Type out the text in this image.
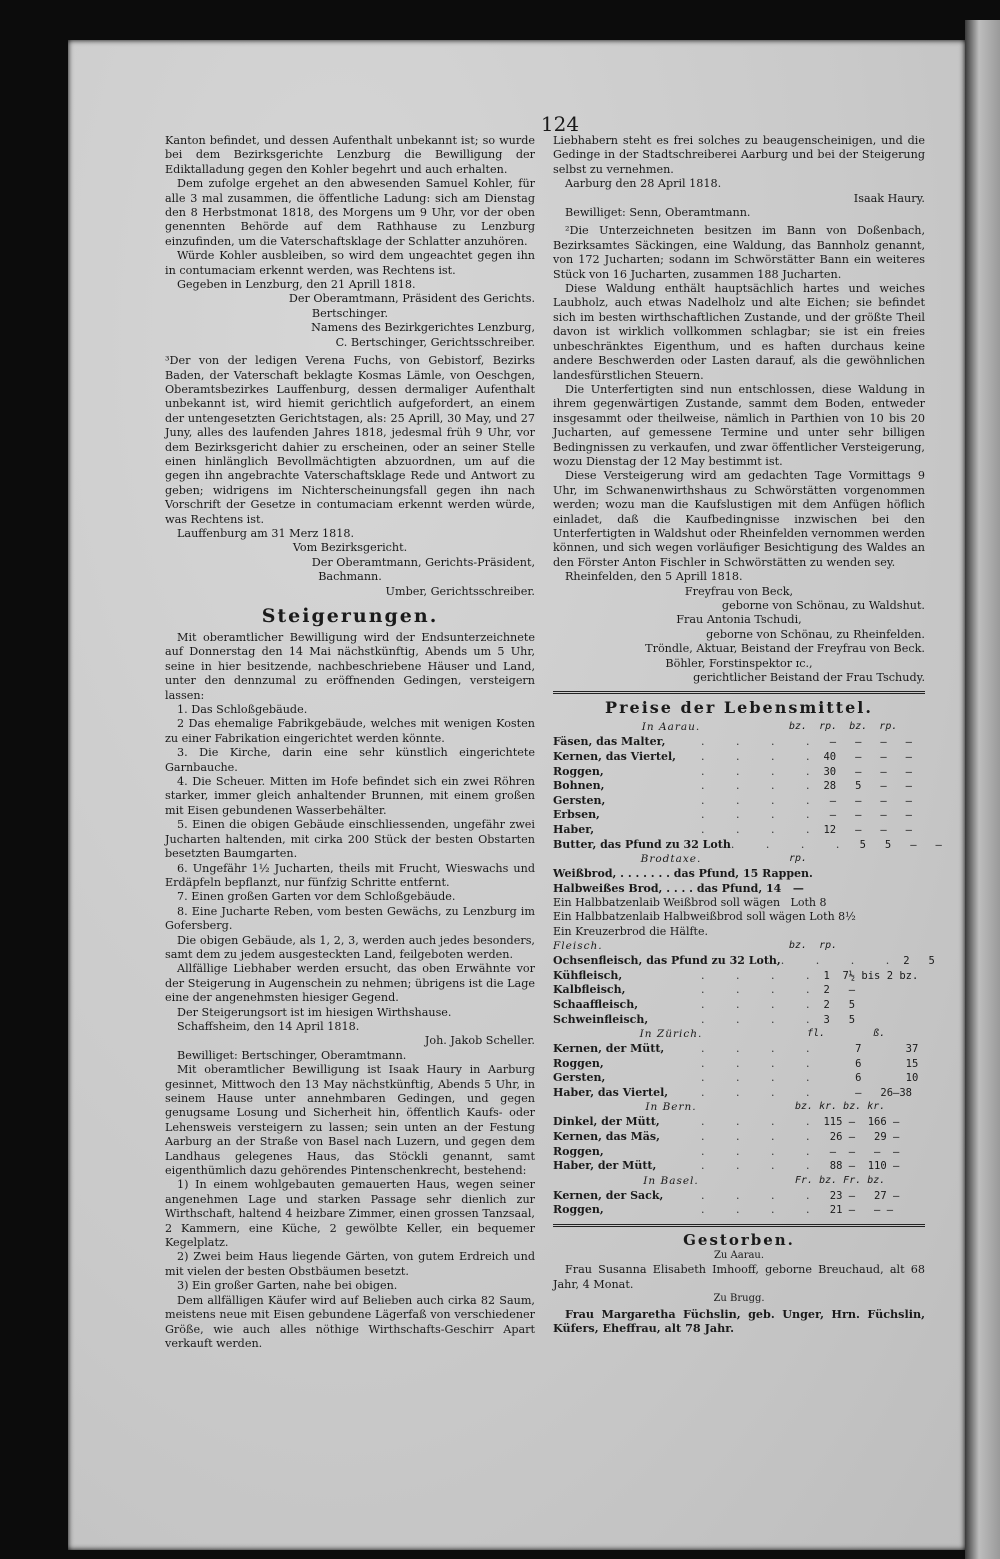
124

Kanton befindet, und dessen Aufenthalt unbekannt ist; so wurde bei dem Bezirksgerichte Lenzburg die Bewilligung der Ediktalladung gegen den Kohler begehrt und auch erhalten.

Dem zufolge ergehet an den abwesenden Samuel Kohler, für alle 3 mal zusammen, die öffentliche Ladung: sich am Dienstag den 8 Herbstmonat 1818, des Morgens um 9 Uhr, vor der oben genennten Behörde auf dem Rathhause zu Lenzburg einzufinden, um die Vaterschaftsklage der Schlatter anzuhören.

Würde Kohler ausbleiben, so wird dem ungeachtet gegen ihn in contumaciam erkennt werden, was Rechtens ist.

Gegeben in Lenzburg, den 21 Aprill 1818.

Der Oberamtmann, Präsident des Gerichts.

Bertschinger.

Namens des Bezirkgerichtes Lenzburg,

C. Bertschinger, Gerichtsschreiber.

³Der von der ledigen Verena Fuchs, von Gebistorf, Bezirks Baden, der Vaterschaft beklagte Kosmas Lämle, von Oeschgen, Oberamtsbezirkes Lauffenburg, dessen dermaliger Aufenthalt unbekannt ist, wird hiemit gerichtlich aufgefordert, an einem der untengesetzten Gerichtstagen, als: 25 Aprill, 30 May, und 27 Juny, alles des laufenden Jahres 1818, jedesmal früh 9 Uhr, vor dem Bezirksgericht dahier zu erscheinen, oder an seiner Stelle einen hinlänglich Bevollmächtigten abzuordnen, um auf die gegen ihn angebrachte Vaterschaftsklage Rede und Antwort zu geben; widrigens im Nichterscheinungsfall gegen ihn nach Vorschrift der Gesetze in contumaciam erkennt werden würde, was Rechtens ist.

Lauffenburg am 31 Merz 1818.

Vom Bezirksgericht.

Der Oberamtmann, Gerichts-Präsident,

Bachmann.

Umber, Gerichtsschreiber.

Steigerungen.

Mit oberamtlicher Bewilligung wird der Endsunterzeichnete auf Donnerstag den 14 Mai nächstkünftig, Abends um 5 Uhr, seine in hier besitzende, nachbeschriebene Häuser und Land, unter den dennzumal zu eröffnenden Gedingen, versteigern lassen:

1. Das Schloßgebäude.

2 Das ehemalige Fabrikgebäude, welches mit wenigen Kosten zu einer Fabrikation eingerichtet werden könnte.

3. Die Kirche, darin eine sehr künstlich eingerichtete Garnbauche.

4. Die Scheuer. Mitten im Hofe befindet sich ein zwei Röhren starker, immer gleich anhaltender Brunnen, mit einem großen mit Eisen gebundenen Wasserbehälter.

5. Einen die obigen Gebäude einschliessenden, ungefähr zwei Jucharten haltenden, mit cirka 200 Stück der besten Obstarten besetzten Baumgarten.

6. Ungefähr 1½ Jucharten, theils mit Frucht, Wieswachs und Erdäpfeln bepflanzt, nur fünfzig Schritte entfernt.

7. Einen großen Garten vor dem Schloßgebäude.

8. Eine Jucharte Reben, vom besten Gewächs, zu Lenzburg im Gofersberg.

Die obigen Gebäude, als 1, 2, 3, werden auch jedes besonders, samt dem zu jedem ausgesteckten Land, feilgeboten werden.

Allfällige Liebhaber werden ersucht, das oben Erwähnte vor der Steigerung in Augenschein zu nehmen; übrigens ist die Lage eine der angenehmsten hiesiger Gegend.

Der Steigerungsort ist im hiesigen Wirthshause.

Schaffsheim, den 14 April 1818.

Joh. Jakob Scheller.

Bewilliget: Bertschinger, Oberamtmann.

Mit oberamtlicher Bewilligung ist Isaak Haury in Aarburg gesinnet, Mittwoch den 13 May nächstkünftig, Abends 5 Uhr, in seinem Hause unter annehmbaren Gedingen, und gegen genugsame Losung und Sicherheit hin, öffentlich Kaufs- oder Lehensweis versteigern zu lassen; sein unten an der Festung Aarburg an der Straße von Basel nach Luzern, und gegen dem Landhaus gelegenes Haus, das Stöckli genannt, samt eigenthümlich dazu gehörendes Pintenschenkrecht, bestehend:

1) In einem wohlgebauten gemauerten Haus, wegen seiner angenehmen Lage und starken Passage sehr dienlich zur Wirthschaft, haltend 4 heizbare Zimmer, einen grossen Tanzsaal, 2 Kammern, eine Küche, 2 gewölbte Keller, ein bequemer Kegelplatz.

2) Zwei beim Haus liegende Gärten, von gutem Erdreich und mit vielen der besten Obstbäumen besetzt.

3) Ein großer Garten, nahe bei obigen.

Dem allfälligen Käufer wird auf Belieben auch cirka 82 Saum, meistens neue mit Eisen gebundene Lägerfaß von verschiedener Größe, wie auch alles nöthige Wirthschafts-Geschirr Apart verkauft werden.

Liebhabern steht es frei solches zu beaugenscheinigen, und die Gedinge in der Stadtschreiberei Aarburg und bei der Steigerung selbst zu vernehmen.

Aarburg den 28 April 1818.

Isaak Haury.

Bewilliget: Senn, Oberamtmann.

²Die Unterzeichneten besitzen im Bann von Doßenbach, Bezirksamtes Säckingen, eine Waldung, das Bannholz genannt, von 172 Jucharten; sodann im Schwörstätter Bann ein weiteres Stück von 16 Jucharten, zusammen 188 Jucharten.

Diese Waldung enthält hauptsächlich hartes und weiches Laubholz, auch etwas Nadelholz und alte Eichen; sie befindet sich im besten wirthschaftlichen Zustande, und der größte Theil davon ist wirklich vollkommen schlagbar; sie ist ein freies unbeschränktes Eigenthum, und es haften durchaus keine andere Beschwerden oder Lasten darauf, als die gewöhnlichen landesfürstlichen Steuern.

Die Unterfertigten sind nun entschlossen, diese Waldung in ihrem gegenwärtigen Zustande, sammt dem Boden, entweder insgesammt oder theilweise, nämlich in Parthien von 10 bis 20 Jucharten, auf gemessene Termine und unter sehr billigen Bedingnissen zu verkaufen, und zwar öffentlicher Versteigerung, wozu Dienstag der 12 May bestimmt ist.

Diese Versteigerung wird am gedachten Tage Vormittags 9 Uhr, im Schwanenwirthshaus zu Schwörstätten vorgenommen werden; wozu man die Kaufslustigen mit dem Anfügen höflich einladet, daß die Kaufbedingnisse inzwischen bei den Unterfertigten in Waldshut oder Rheinfelden vernommen werden können, und sich wegen vorläufiger Besichtigung des Waldes an den Förster Anton Fischler in Schwörstätten zu wenden sey.

Rheinfelden, den 5 Aprill 1818.

Freyfrau von Beck,

geborne von Schönau, zu Waldshut.

Frau Antonia Tschudi,

geborne von Schönau, zu Rheinfelden.

Tröndle, Aktuar, Beistand der Freyfrau von Beck.

Böhler, Forstinspektor ɪc.,

gerichtlicher Beistand der Frau Tschudy.

Preise der Lebensmittel.
In Aarau.	bz.  rp.  bz.  rp.
Fäsen, das Malter,	. . . . —   —   —   —
Kernen, das Viertel,	. . . . 40   —   —   —
Roggen,	. . . . 30   —   —   —
Bohnen,	. . . . 28   5   —   —
Gersten,	. . . . —   —   —   —
Erbsen,	. . . . —   —   —   —
Haber,	. . . . 12   —   —   —
Butter, das Pfund zu 32 Loth . . . . 5   5   —   —
Brodtaxe.	rp.
Weißbrod, . . . . . . . das Pfund, 15 Rappen.
Halbweißes Brod, . . . . das Pfund, 14   —
Ein Halbbatzenlaib Weißbrod soll wägen   Loth 8
Ein Halbbatzenlaib Halbweißbrod soll wägen Loth 8½
Ein Kreuzerbrod die Hälfte.
Fleisch.	bz.  rp.
Ochsenfleisch, das Pfund zu 32 Loth, . . . . 2   5
Kühfleisch,	. . . . 1  7½ bis 2 bz.
Kalbfleisch,	. . . . 2   —
Schaaffleisch,	. . . . 2   5
Schweinfleisch,	. . . . 3   5
In Zürich.	fl.        ß.
Kernen, der Mütt,	. . . . 7       37
Roggen,	. . . . 6       15
Gersten,	. . . . 6       10
Haber, das Viertel,	. . . . —   26—38
In Bern.	bz. kr. bz. kr.
Dinkel, der Mütt,	. . . . 115 —  166 —
Kernen, das Mäs,	. . . . 26 —   29 —
Roggen,	. . . . —  —   —  —
Haber, der Mütt,	. . . . 88 —  110 —
In Basel.	Fr. bz. Fr. bz.
Kernen, der Sack,	. . . . 23 —   27 —
Roggen,	. . . . 21 —   — —
Gestorben.

Zu Aarau.

Frau Susanna Elisabeth Imhooff, geborne Breuchaud, alt 68 Jahr, 4 Monat.

Zu Brugg.

Frau Margaretha Füchslin, geb. Unger, Hrn. Füchslin, Küfers, Eheffrau, alt 78 Jahr.
